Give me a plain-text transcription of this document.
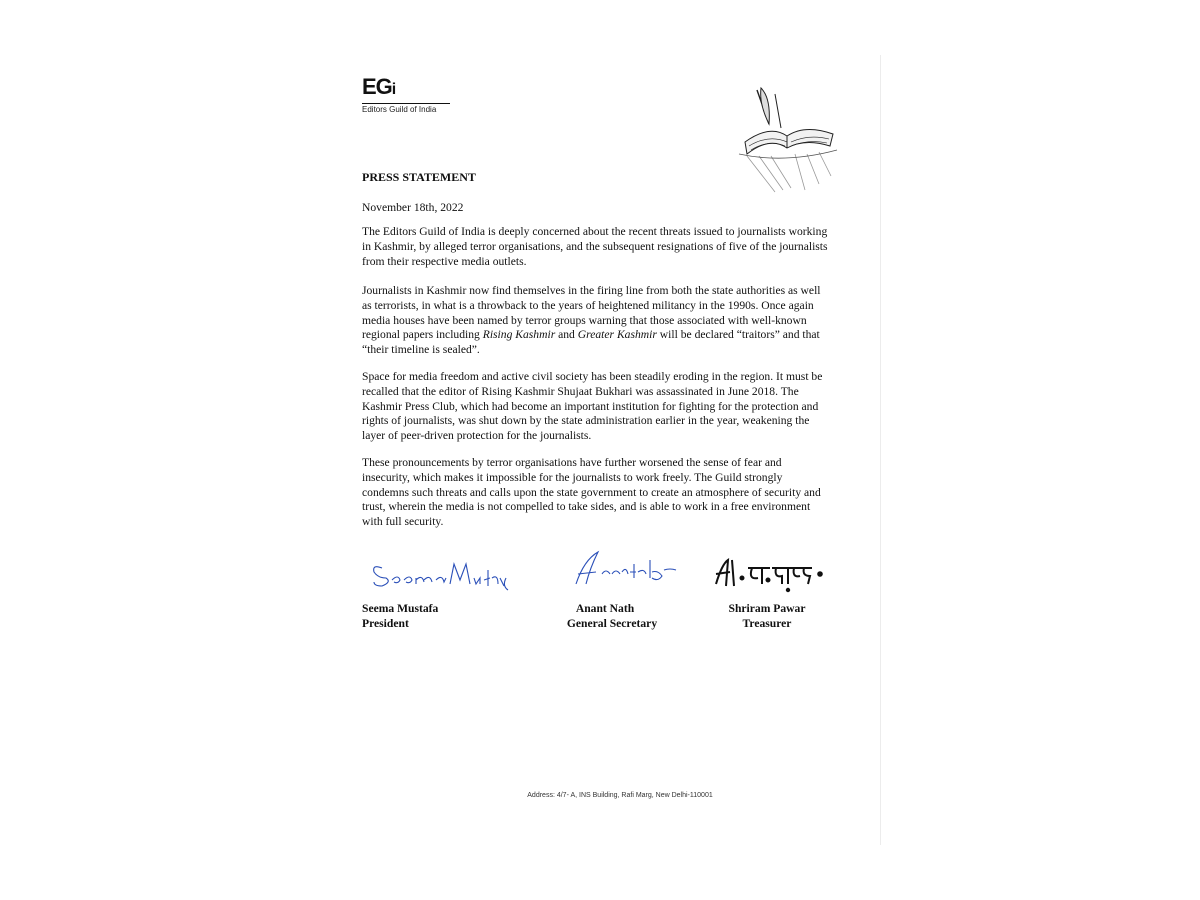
EGi
Editors Guild of India
PRESS STATEMENT
November 18th, 2022
The Editors Guild of India is deeply concerned about the recent threats issued to journalists working in Kashmir, by alleged terror organisations, and the subsequent resignations of five of the journalists from their respective media outlets.
Journalists in Kashmir now find themselves in the firing line from both the state authorities as well as terrorists, in what is a throwback to the years of heightened militancy in the 1990s. Once again media houses have been named by terror groups warning that those associated with well-known regional papers including Rising Kashmir and Greater Kashmir will be declared “traitors” and that “their timeline is sealed”.
Space for media freedom and active civil society has been steadily eroding in the region. It must be recalled that the editor of Rising Kashmir Shujaat Bukhari was assassinated in June 2018. The Kashmir Press Club, which had become an important institution for fighting for the protection and rights of journalists, was shut down by the state administration earlier in the year, weakening the layer of peer-driven protection for the journalists.
These pronouncements by terror organisations have further worsened the sense of fear and insecurity, which makes it impossible for the journalists to work freely. The Guild strongly condemns such threats and calls upon the state government to create an atmosphere of security and trust, wherein the media is not compelled to take sides, and is able to work in a free environment with full security.
Seema Mustafa
President
Anant Nath
General Secretary
Shriram Pawar
Treasurer
Address: 4/7- A, INS Building, Rafi Marg, New Delhi-110001
